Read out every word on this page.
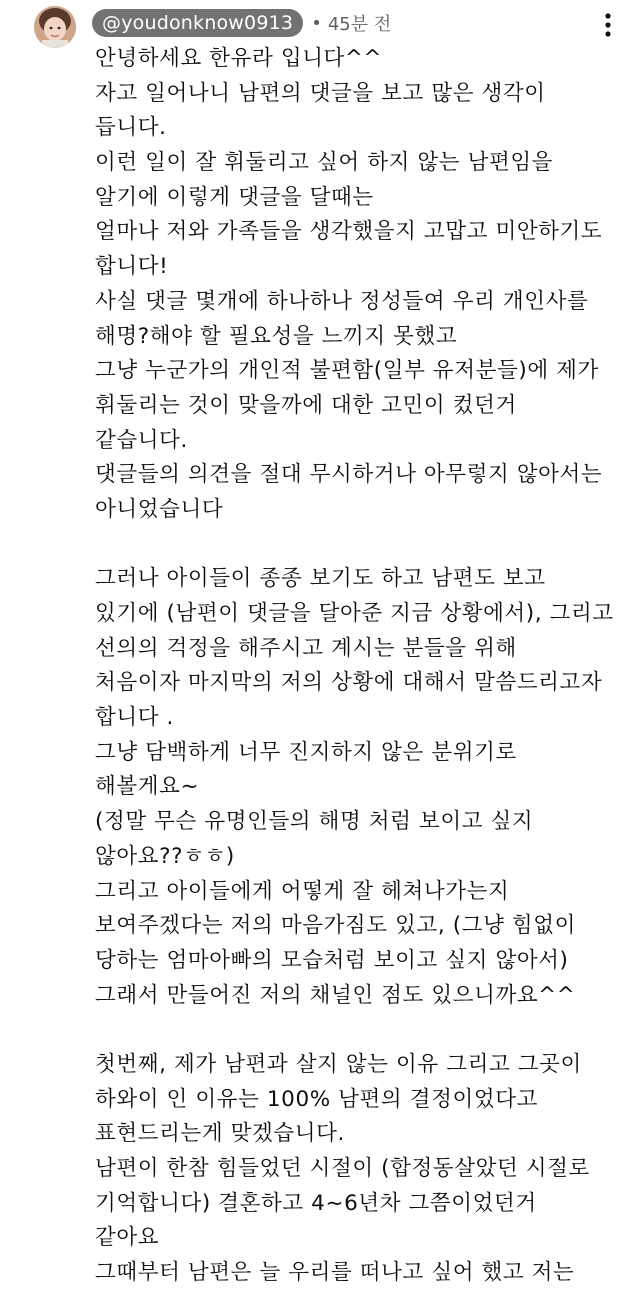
@youdonknow0913	• 45분 전
안녕하세요 한유라 입니다^^
자고 일어나니 남편의 댓글을 보고 많은 생각이
듭니다.
이런 일이 잘 휘둘리고 싶어 하지 않는 남편임을
알기에 이렇게 댓글을 달때는
얼마나 저와 가족들을 생각했을지 고맙고 미안하기도
합니다!
사실 댓글 몇개에 하나하나 정성들여 우리 개인사를
해명?해야 할 필요성을 느끼지 못했고
그냥 누군가의 개인적 불편함(일부 유저분들)에 제가
휘둘리는 것이 맞을까에 대한 고민이 컸던거
같습니다.
댓글들의 의견을 절대 무시하거나 아무렇지 않아서는
아니었습니다
그러나 아이들이 종종 보기도 하고 남편도 보고
있기에 (남편이 댓글을 달아준 지금 상황에서), 그리고
선의의 걱정을 해주시고 계시는 분들을 위해
처음이자 마지막의 저의 상황에 대해서 말씀드리고자
합니다 .
그냥 담백하게 너무 진지하지 않은 분위기로
해볼게요~
(정말 무슨 유명인들의 해명 처럼 보이고 싶지
않아요??ㅎㅎ)
그리고 아이들에게 어떻게 잘 헤쳐나가는지
보여주겠다는 저의 마음가짐도 있고, (그냥 힘없이
당하는 엄마아빠의 모습처럼 보이고 싶지 않아서)
그래서 만들어진 저의 채널인 점도 있으니까요^^
첫번째, 제가 남편과 살지 않는 이유 그리고 그곳이
하와이 인 이유는 100% 남편의 결정이었다고
표현드리는게 맞겠습니다.
남편이 한참 힘들었던 시절이 (합정동살았던 시절로
기억합니다) 결혼하고 4~6년차 그쯤이었던거
같아요
그때부터 남편은 늘 우리를 떠나고 싶어 했고 저는
